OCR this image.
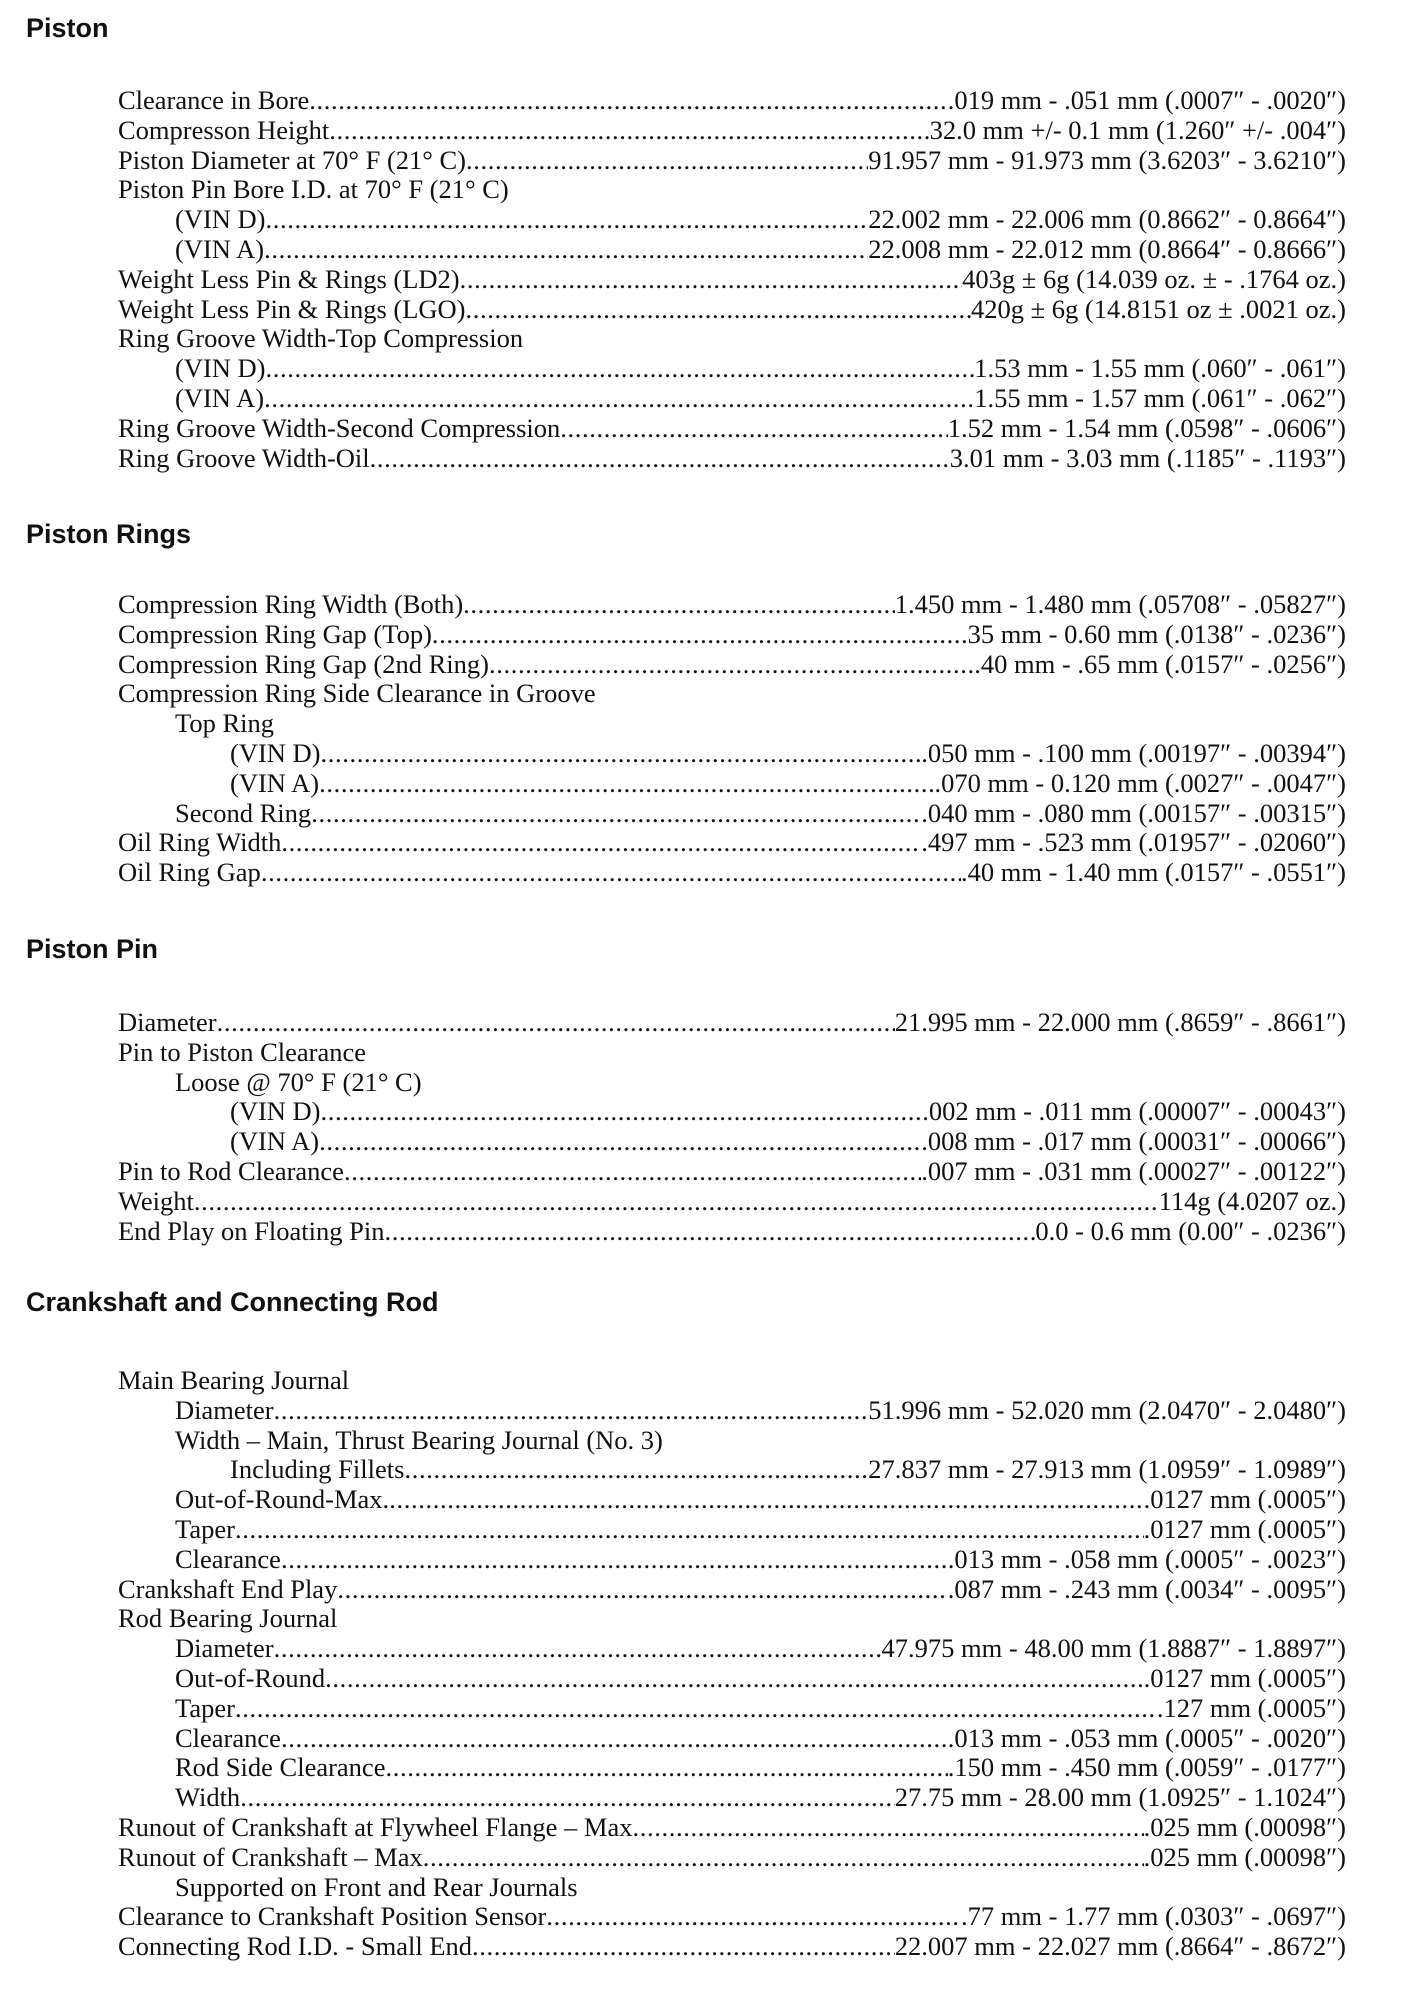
Piston
Clearance in Bore . . .	.019 mm - .051 mm (.0007″ - .0020″)
Compresson Height . . .	32.0 mm +/- 0.1 mm (1.260″ +/- .004″)
Piston Diameter at 70° F (21° C) . . .	91.957 mm - 91.973 mm (3.6203″ - 3.6210″)
Piston Pin Bore I.D. at 70° F (21° C)
(VIN D) . . .	22.002 mm - 22.006 mm (0.8662″ - 0.8664″)
(VIN A) . . .	22.008 mm - 22.012 mm (0.8664″ - 0.8666″)
Weight Less Pin & Rings (LD2) . . .	403g ± 6g (14.039 oz. ± - .1764 oz.)
Weight Less Pin & Rings (LGO) . . .	420g ± 6g (14.8151 oz ± .0021 oz.)
Ring Groove Width-Top Compression
(VIN D) . . .	1.53 mm - 1.55 mm (.060″ - .061″)
(VIN A) . . .	1.55 mm - 1.57 mm (.061″ - .062″)
Ring Groove Width-Second Compression . . .	1.52 mm - 1.54 mm (.0598″ - .0606″)
Ring Groove Width-Oil . . .	3.01 mm - 3.03 mm (.1185″ - .1193″)
Piston Rings
Compression Ring Width (Both) . . .	1.450 mm - 1.480 mm (.05708″ - .05827″)
Compression Ring Gap (Top) . . .	.35 mm - 0.60 mm (.0138″ - .0236″)
Compression Ring Gap (2nd Ring) . . .	.40 mm - .65 mm (.0157″ - .0256″)
Compression Ring Side Clearance in Groove
Top Ring
(VIN D) . . .	.050 mm - .100 mm (.00197″ - .00394″)
(VIN A) . . .	.070 mm - 0.120 mm (.0027″ - .0047″)
Second Ring . . .	.040 mm - .080 mm (.00157″ - .00315″)
Oil Ring Width . . .	.497 mm - .523 mm (.01957″ - .02060″)
Oil Ring Gap . . .	.40 mm - 1.40 mm (.0157″ - .0551″)
Piston Pin
Diameter . . .	21.995 mm - 22.000 mm (.8659″ - .8661″)
Pin to Piston Clearance
Loose @ 70° F (21° C)
(VIN D) . . .	.002 mm - .011 mm (.00007″ - .00043″)
(VIN A) . . .	.008 mm - .017 mm (.00031″ - .00066″)
Pin to Rod Clearance . . .	.007 mm - .031 mm (.00027″ - .00122″)
Weight . . .	114g (4.0207 oz.)
End Play on Floating Pin . . .	0.0 - 0.6 mm (0.00″ - .0236″)
Crankshaft and Connecting Rod
Main Bearing Journal
Diameter . . .	51.996 mm - 52.020 mm (2.0470″ - 2.0480″)
Width – Main, Thrust Bearing Journal (No. 3)
Including Fillets . . .	27.837 mm - 27.913 mm (1.0959″ - 1.0989″)
Out-of-Round-Max. . . .	.0127 mm (.0005″)
Taper . . .	.0127 mm (.0005″)
Clearance . . .	.013 mm - .058 mm (.0005″ - .0023″)
Crankshaft End Play . . .	.087 mm - .243 mm (.0034″ - .0095″)
Rod Bearing Journal
Diameter . . .	47.975 mm - 48.00 mm (1.8887″ - 1.8897″)
Out-of-Round . . .	.0127 mm (.0005″)
Taper . . .	.127 mm (.0005″)
Clearance . . .	.013 mm - .053 mm (.0005″ - .0020″)
Rod Side Clearance . . .	.150 mm - .450 mm (.0059″ - .0177″)
Width . . .	27.75 mm - 28.00 mm (1.0925″ - 1.1024″)
Runout of Crankshaft at Flywheel Flange – Max . . .	.025 mm (.00098″)
Runout of Crankshaft – Max . . .	.025 mm (.00098″)
Supported on Front and Rear Journals
Clearance to Crankshaft Position Sensor . . .	.77 mm - 1.77 mm (.0303″ - .0697″)
Connecting Rod I.D. - Small End . . .	22.007 mm - 22.027 mm (.8664″ - .8672″)
